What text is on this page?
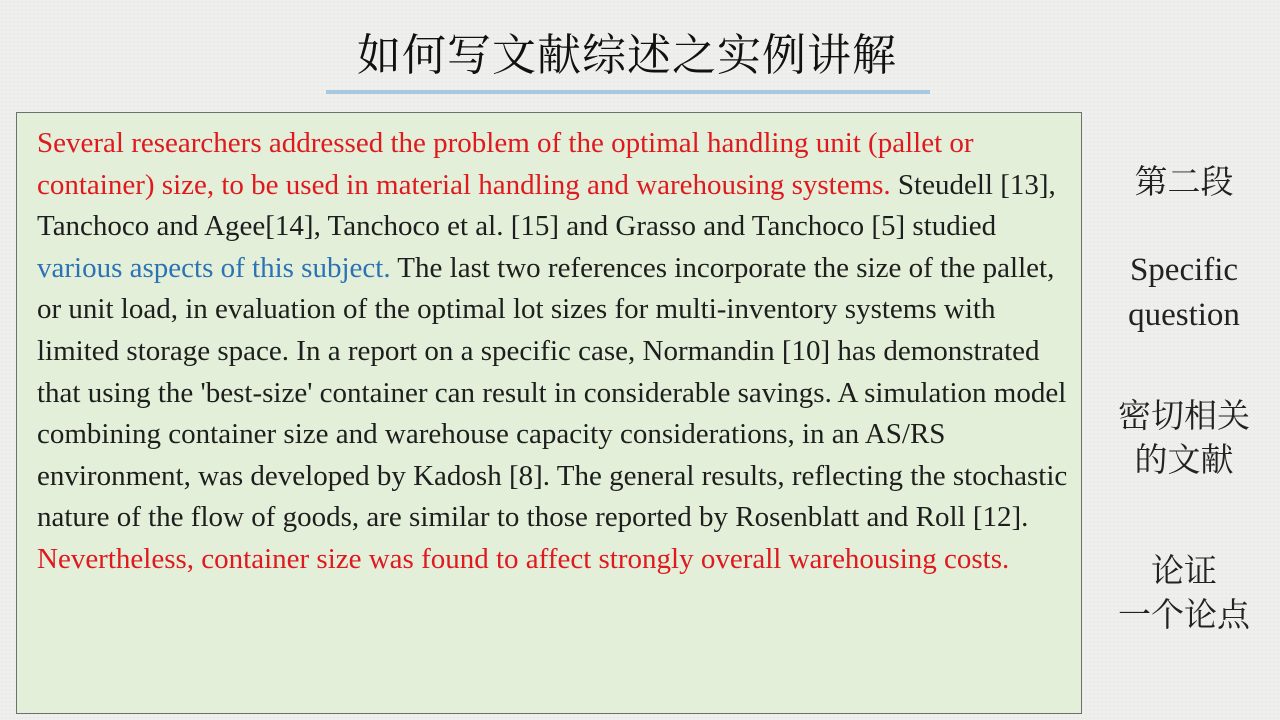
如何写文献综述之实例讲解

Several researchers addressed the problem of the optimal handling unit (pallet or container) size, to be used in material handling and warehousing systems. Steudell [13], Tanchoco and Agee[14], Tanchoco et al. [15] and Grasso and Tanchoco [5] studied various aspects of this subject. The last two references incorporate the size of the pallet, or unit load, in evaluation of the optimal lot sizes for multi-inventory systems with limited storage space. In a report on a specific case, Normandin [10] has demonstrated that using the 'best-size' container can result in considerable savings. A simulation model combining container size and warehouse capacity considerations, in an AS/RS environment, was developed by Kadosh [8]. The general results, reflecting the stochastic nature of the flow of goods, are similar to those reported by Rosenblatt and Roll [12]. Nevertheless, container size was found to affect strongly overall warehousing costs.

第二段
Specific
question
密切相关
的文献
论证
一个论点
